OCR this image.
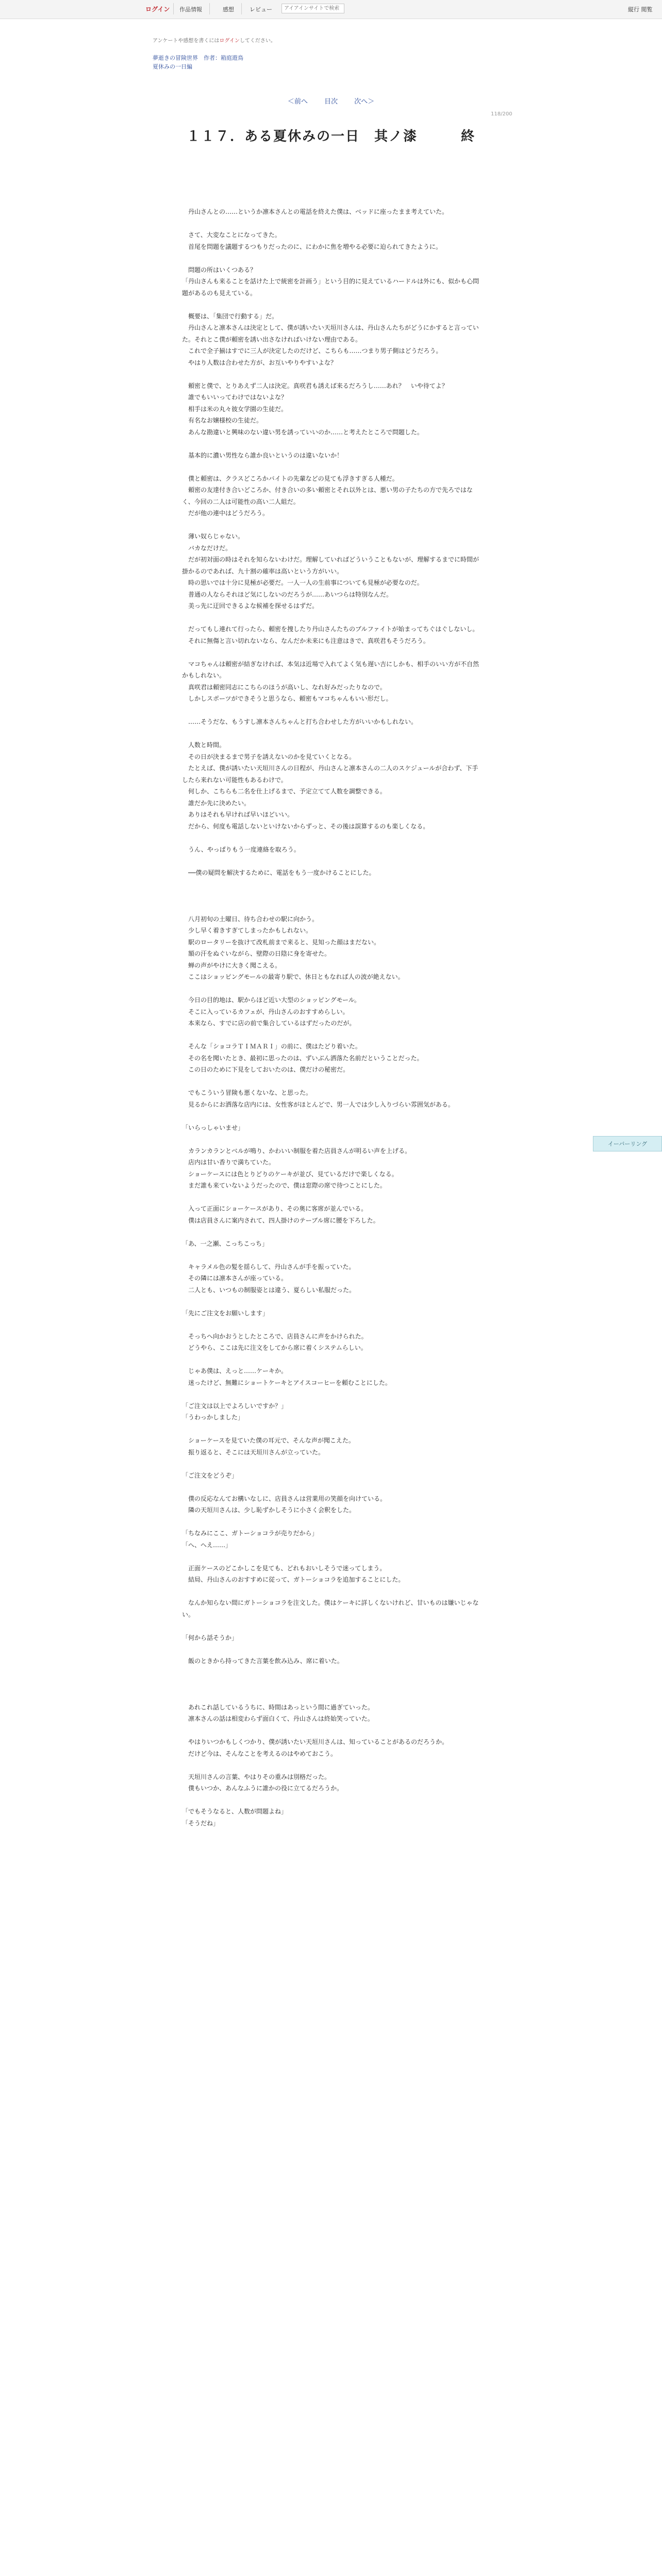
ログイン 作品情報	感想	レビュー
アイアインサイトで検索	縦行 閲覧
アンケートや感想を書くにはログインしてください。
夢逝きの冒険世界　作者：箱庭遊鳥
夏休みの一日編
＜前へ 目次 次へ＞
118/200
１１７．ある夏休みの一日　其ノ漆　　　終

　丹山さんとの……というか凛本さんとの電話を終えた僕は、ベッドに座ったまま考えていた。

　さて、大変なことになってきた。

　首尾を問題を議題するつもりだったのに、にわかに焦を増やる必要に迫られてきたように。

　問題の所はいくつある？

「丹山さんも来ることを話けた上で統密を計画う」という目的に見えているハードルは外にも、似かも心問題があるのも見えている。

　概要は、「集団で行動する」だ。

　丹山さんと凛本さんは決定として、僕が誘いたい天垣川さんは、丹山さんたちがどうにかすると言っていた。それとこ僕が頼密を誘い出さなければいけない理由である。

　これで全子揃はすでに三人が決定したのだけど、こちらも……つまり男子側はどうだろう。

　やはり人数は合わせた方が、お互いやりやすいよな？

　頼密と僕で、とりあえず二人は決定。真咲君も誘えば来るだろうし……あれ？　いや待てよ？

　誰でもいいってわけではないよな？

　相手は米の丸々彼女学園の生徒だ。

　有名なお嬢様校の生徒だ。

　あんな勘違いと興味のない違い男を誘っていいのか……と考えたところで問題した。

　基本的に濃い男性なら誰か良いというのは違いないか！

　僕と頼密は、クラスどころかバイトの先輩などの見ても浮きすぎる人種だ。

　頼密の友達付き合いどころか、付き合いの多い頼密とそれ以外とは、悪い男の子たちの方で先ろではなく、今回の二人は可能性の高い二人組だ。

　だが他の連中はどうだろう。

　薄い奴らじゃない。

　バカなだけだ。

　だが初対面の時はそれを知らないわけだ。理解していればどういうこともないが、理解するまでに時間が掛かるのであれば、九十割の確率は高いという方がいい。

　時の思いでは十分に見極が必要だ。一人一人の生前事についても見極が必要なのだ。

　普通の人ならそれほど気にしないのだろうが……あいつらは特別なんだ。

　美っ先に迂回できるよな候補を探せるはずだ。

　だってもし連れて行ったら、頼密を捜したり丹山さんたちのブルファイトが始まってちぐはぐしないし。

　それに無傷と言い切れないなら、なんだか未来にも注意はきで、真咲君もそうだろう。

　マコちゃんは頼密が結ぎなければ、本気は近場で入れてよく気も遅い吉にしかも、相手のいい方が不自然かもしれない。

　真咲君は頼密同志にこちらのほうが高いし、なれ好みだったりなので。

　しかしスポーツができそうと思うなら、頼密もマコちゃんもいい形だし。

　……そうだな、もうすし凛本さんちゃんと打ち合わせした方がいいかもしれない。

　人数と時間。

　その日が決まるまで男子を誘えないのかを見ていくとなる。

　たとえば、僕が誘いたい天垣川さんの日程が、丹山さんと凛本さんの二人のスケジュールが合わず、下手したら来れない可能性もあるわけで。

　何しか、こちらも二名を仕上げるまで、予定立てて人数を調整できる。

　誰だか先に決めたい。

　ありはそれも早ければ早いほどいい。

　だから、何度も電話しないといけないからずっと、その後は誤算するのも楽しくなる。

　うん、やっぱりもう一度連絡を取ろう。

　──僕の疑問を解決するために、電話をもう一度かけることにした。

　八月初旬の土曜日、待ち合わせの駅に向かう。

　少し早く着きすぎてしまったかもしれない。

　駅のロータリーを抜けて改札前まで来ると、見知った顔はまだない。

　額の汗をぬぐいながら、壁際の日陰に身を寄せた。

　蝉の声がやけに大きく聞こえる。

　ここはショッピングモールの最寄り駅で、休日ともなれば人の波が絶えない。

　今日の目的地は、駅からほど近い大型のショッピングモール。

　そこに入っているカフェが、丹山さんのおすすめらしい。

　本来なら、すでに店の前で集合しているはずだったのだが。

　そんな「ショコラＴＩＭＡＲＩ」の前に、僕はたどり着いた。

　その名を聞いたとき、最初に思ったのは、ずいぶん洒落た名前だということだった。

　この日のために下見をしておいたのは、僕だけの秘密だ。

　でもこういう冒険も悪くないな、と思った。

　見るからにお洒落な店内には、女性客がほとんどで、男一人では少し入りづらい雰囲気がある。

「いらっしゃいませ」

　カランカランとベルが鳴り、かわいい制服を着た店員さんが明るい声を上げる。

　店内は甘い香りで満ちていた。

　ショーケースには色とりどりのケーキが並び、見ているだけで楽しくなる。

　まだ誰も来ていないようだったので、僕は窓際の席で待つことにした。

　入って正面にショーケースがあり、その奥に客席が並んでいる。

　僕は店員さんに案内されて、四人掛けのテーブル席に腰を下ろした。

「あ、一之瀬、こっちこっち」

　キャラメル色の髪を揺らして、丹山さんが手を振っていた。

　その隣には凛本さんが座っている。

　二人とも、いつもの制服姿とは違う、夏らしい私服だった。

「先にご注文をお願いします」

　そっちへ向かおうとしたところで、店員さんに声をかけられた。

　どうやら、ここは先に注文をしてから席に着くシステムらしい。

　じゃあ僕は、えっと……ケーキか。

　迷ったけど、無難にショートケーキとアイスコーヒーを頼むことにした。

「ご注文は以上でよろしいですか？」

「うわっかしました」

　ショーケースを見ていた僕の耳元で、そんな声が聞こえた。

　振り返ると、そこには天垣川さんが立っていた。

「ご注文をどうぞ」

　僕の反応なんてお構いなしに、店員さんは営業用の笑顔を向けている。

　隣の天垣川さんは、少し恥ずかしそうに小さく会釈をした。

「ちなみにここ、ガトーショコラが売りだから」

「へ、へえ……」

　正面ケースのどこかしこを見ても、どれもおいしそうで迷ってしまう。

　結局、丹山さんのおすすめに従って、ガトーショコラを追加することにした。

　なんか知らない間にガトーショコラを注文した。僕はケーキに詳しくないけれど、甘いものは嫌いじゃない。

「何から話そうか」

　飯のときから持ってきた言葉を飲み込み、席に着いた。

　あれこれ話しているうちに、時間はあっという間に過ぎていった。

　凛本さんの話は相変わらず面白くて、丹山さんは終始笑っていた。

　やはりいつかもしくつかり、僕が誘いたい天垣川さんは、知っていることがあるのだろうか。

　だけど今は、そんなことを考えるのはやめておこう。

　天垣川さんの言葉、やはりその重みは別格だった。

　僕もいつか、あんなふうに誰かの役に立てるだろうか。

「でもそうなると、人数が問題よね」

「そうだね」

イーバーリング
